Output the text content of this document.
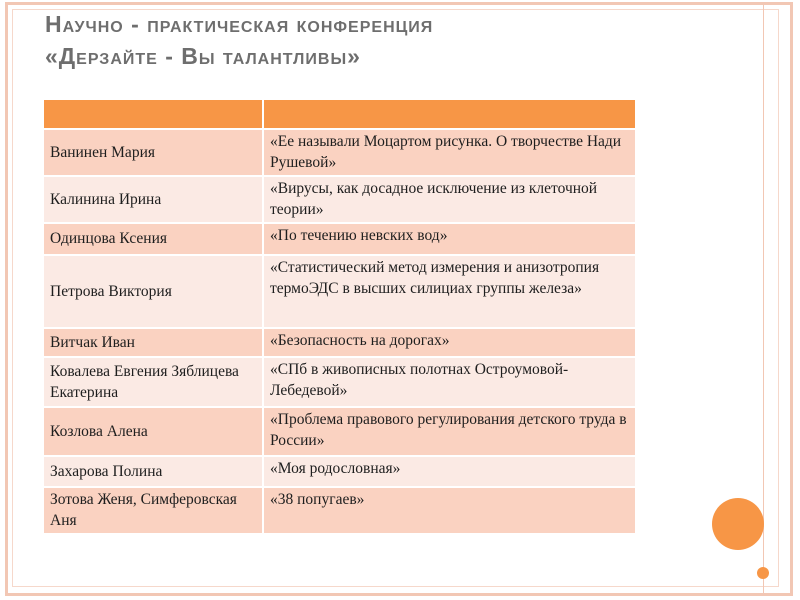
Научно - практическая конференция
«Дерзайте - Вы талантливы»

Ванинен Мария	«Ее называли Моцартом рисунка. О творчестве Нади Рушевой»
Калинина Ирина	«Вирусы, как досадное исключение из клеточной теории»
Одинцова Ксения	«По течению невских вод»
Петрова Виктория	«Статистический метод измерения и анизотропия термоЭДС в высших силициах группы железа»
Витчак Иван	«Безопасность на дорогах»
Ковалева Евгения Зяблицева Екатерина	«СПб в живописных полотнах Остроумовой-Лебедевой»
Козлова Алена	«Проблема правового регулирования детского труда в России»
Захарова Полина	«Моя родословная»
Зотова Женя, Симферовская Аня	«38 попугаев»
